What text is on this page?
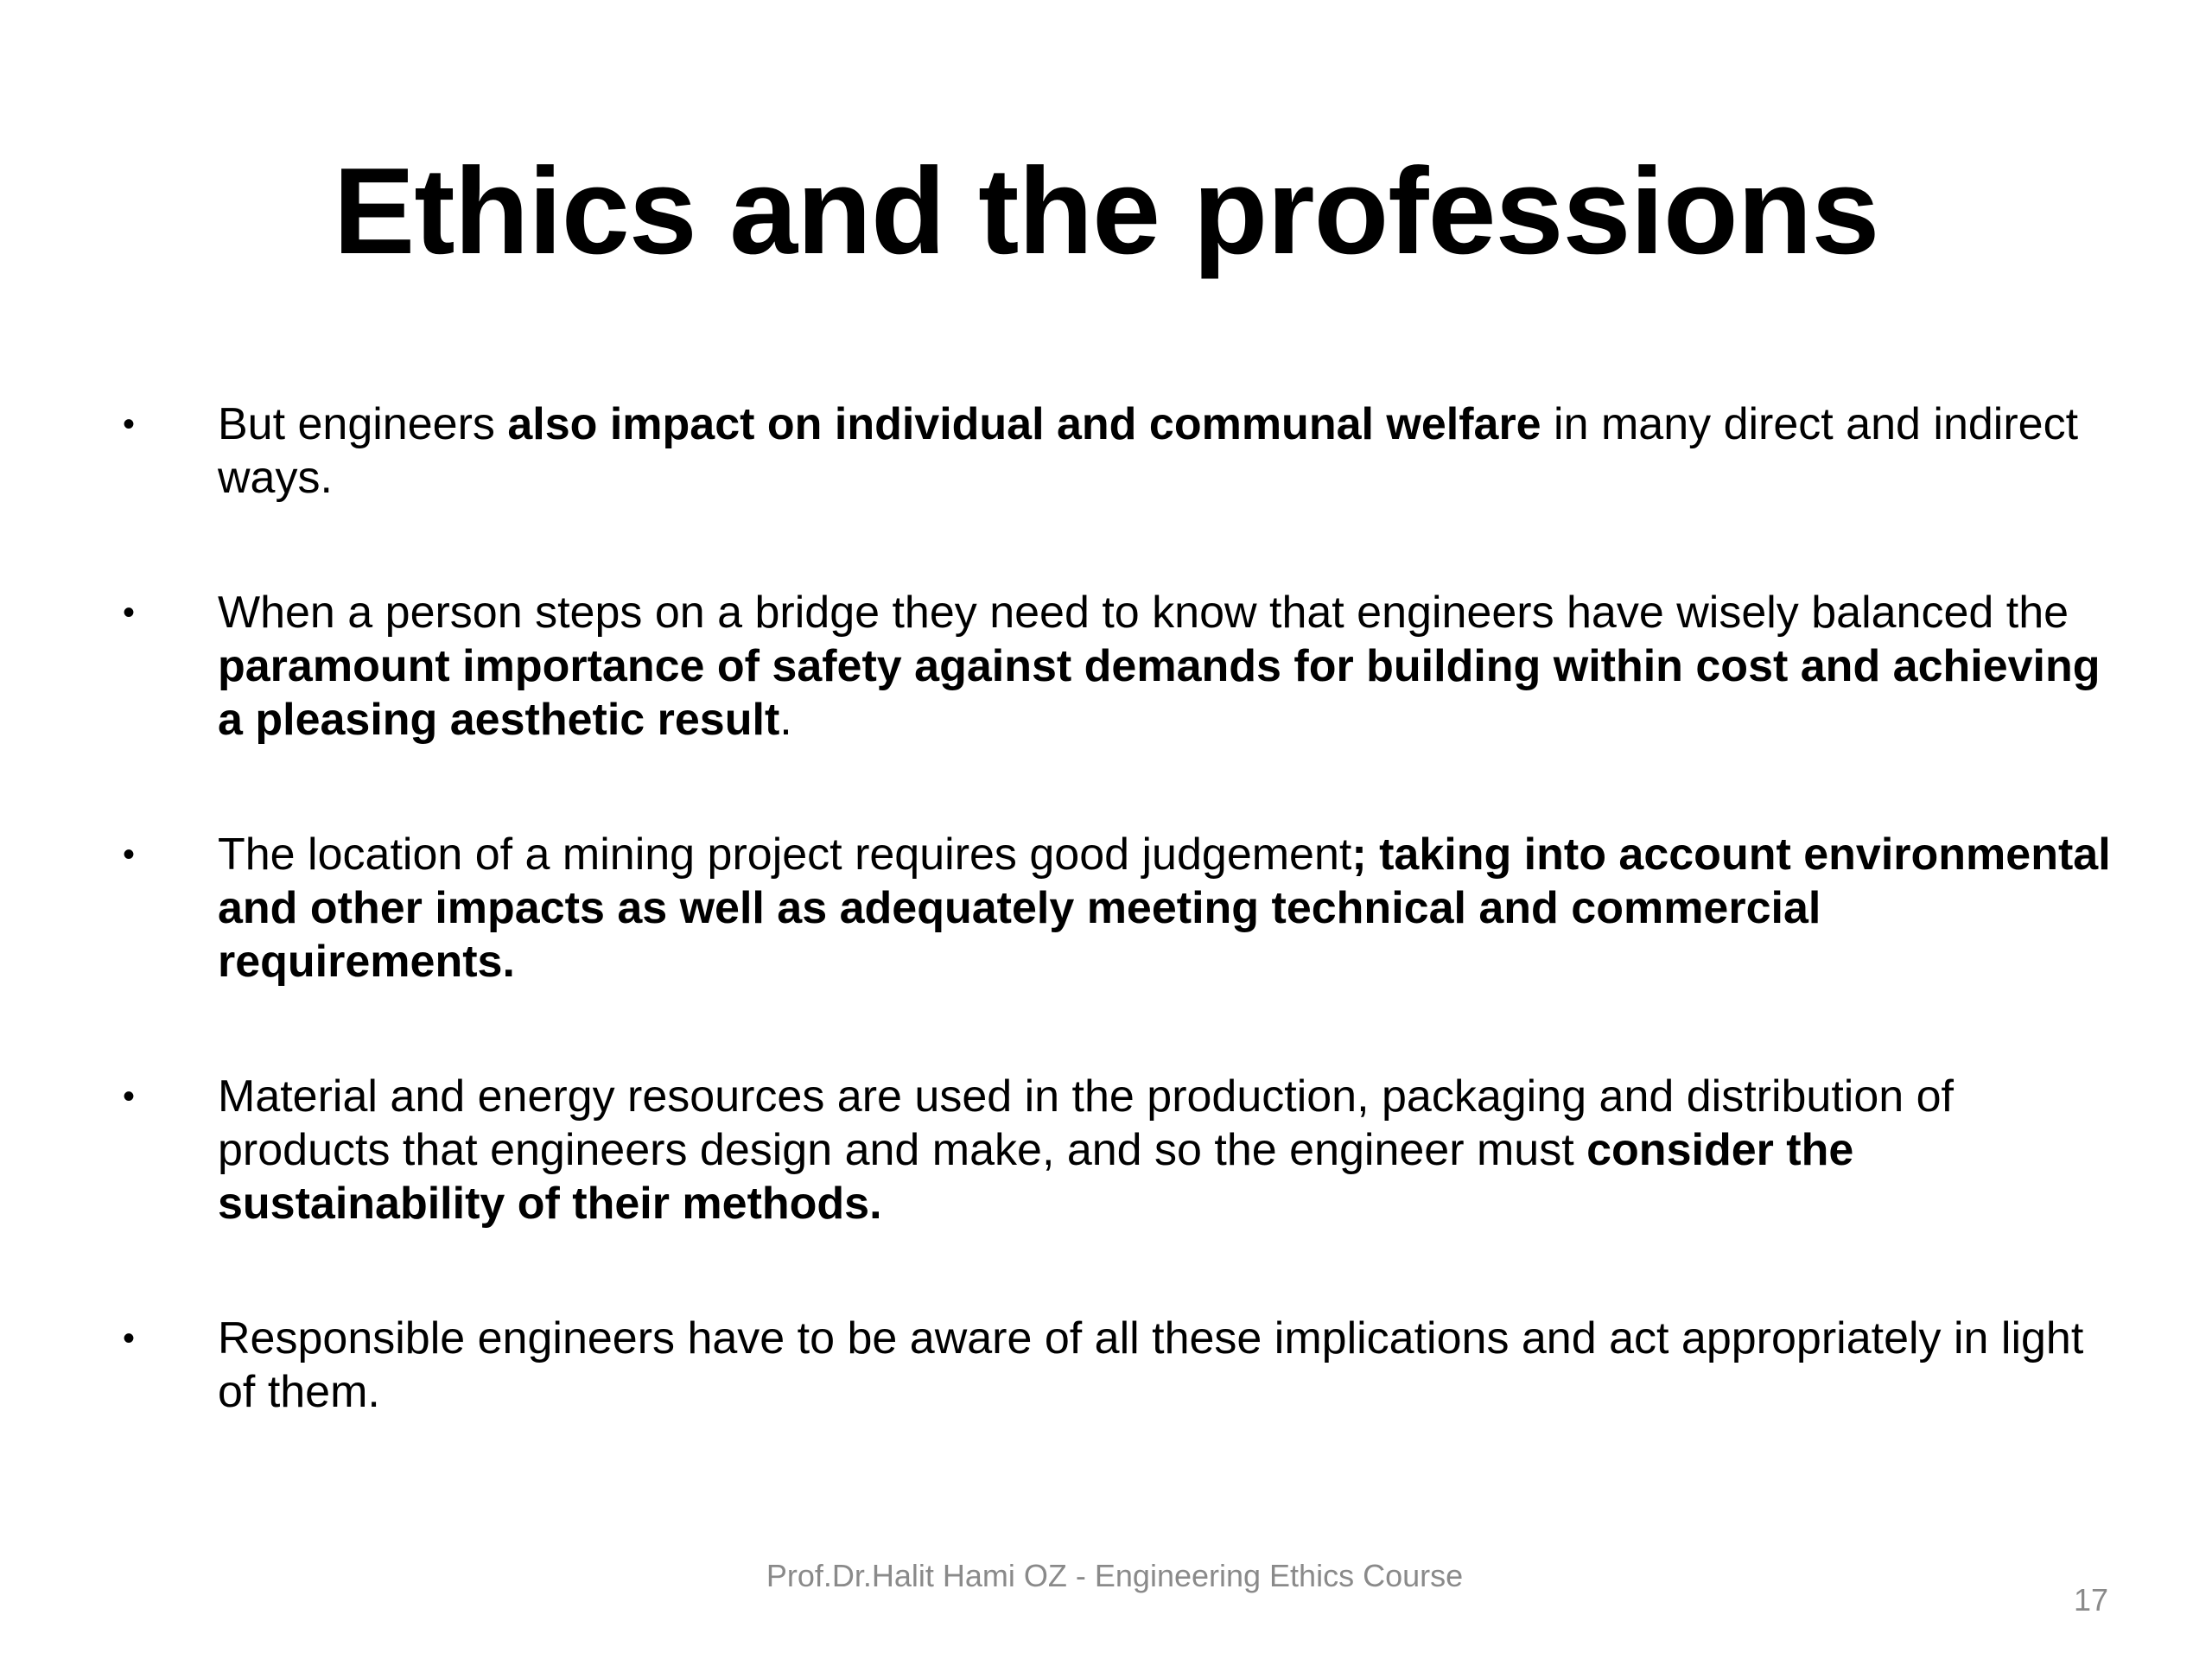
Ethics and the professions
•	But engineers also impact on individual and communal welfare in many direct and indirect ways.
•	When a person steps on a bridge they need to know that engineers have wisely balanced the paramount importance of safety against demands for building within cost and achieving a pleasing aesthetic result.
•	The location of a mining project requires good judgement; taking into account environmental and other impacts as well as adequately meeting technical and commercial requirements.
•	Material and energy resources are used in the production, packaging and distribution of products that engineers design and make, and so the engineer must consider the sustainability of their methods.
•	Responsible engineers have to be aware of all these implications and act appropriately in light of them.
Prof.Dr.Halit Hami OZ - Engineering Ethics Course
17
